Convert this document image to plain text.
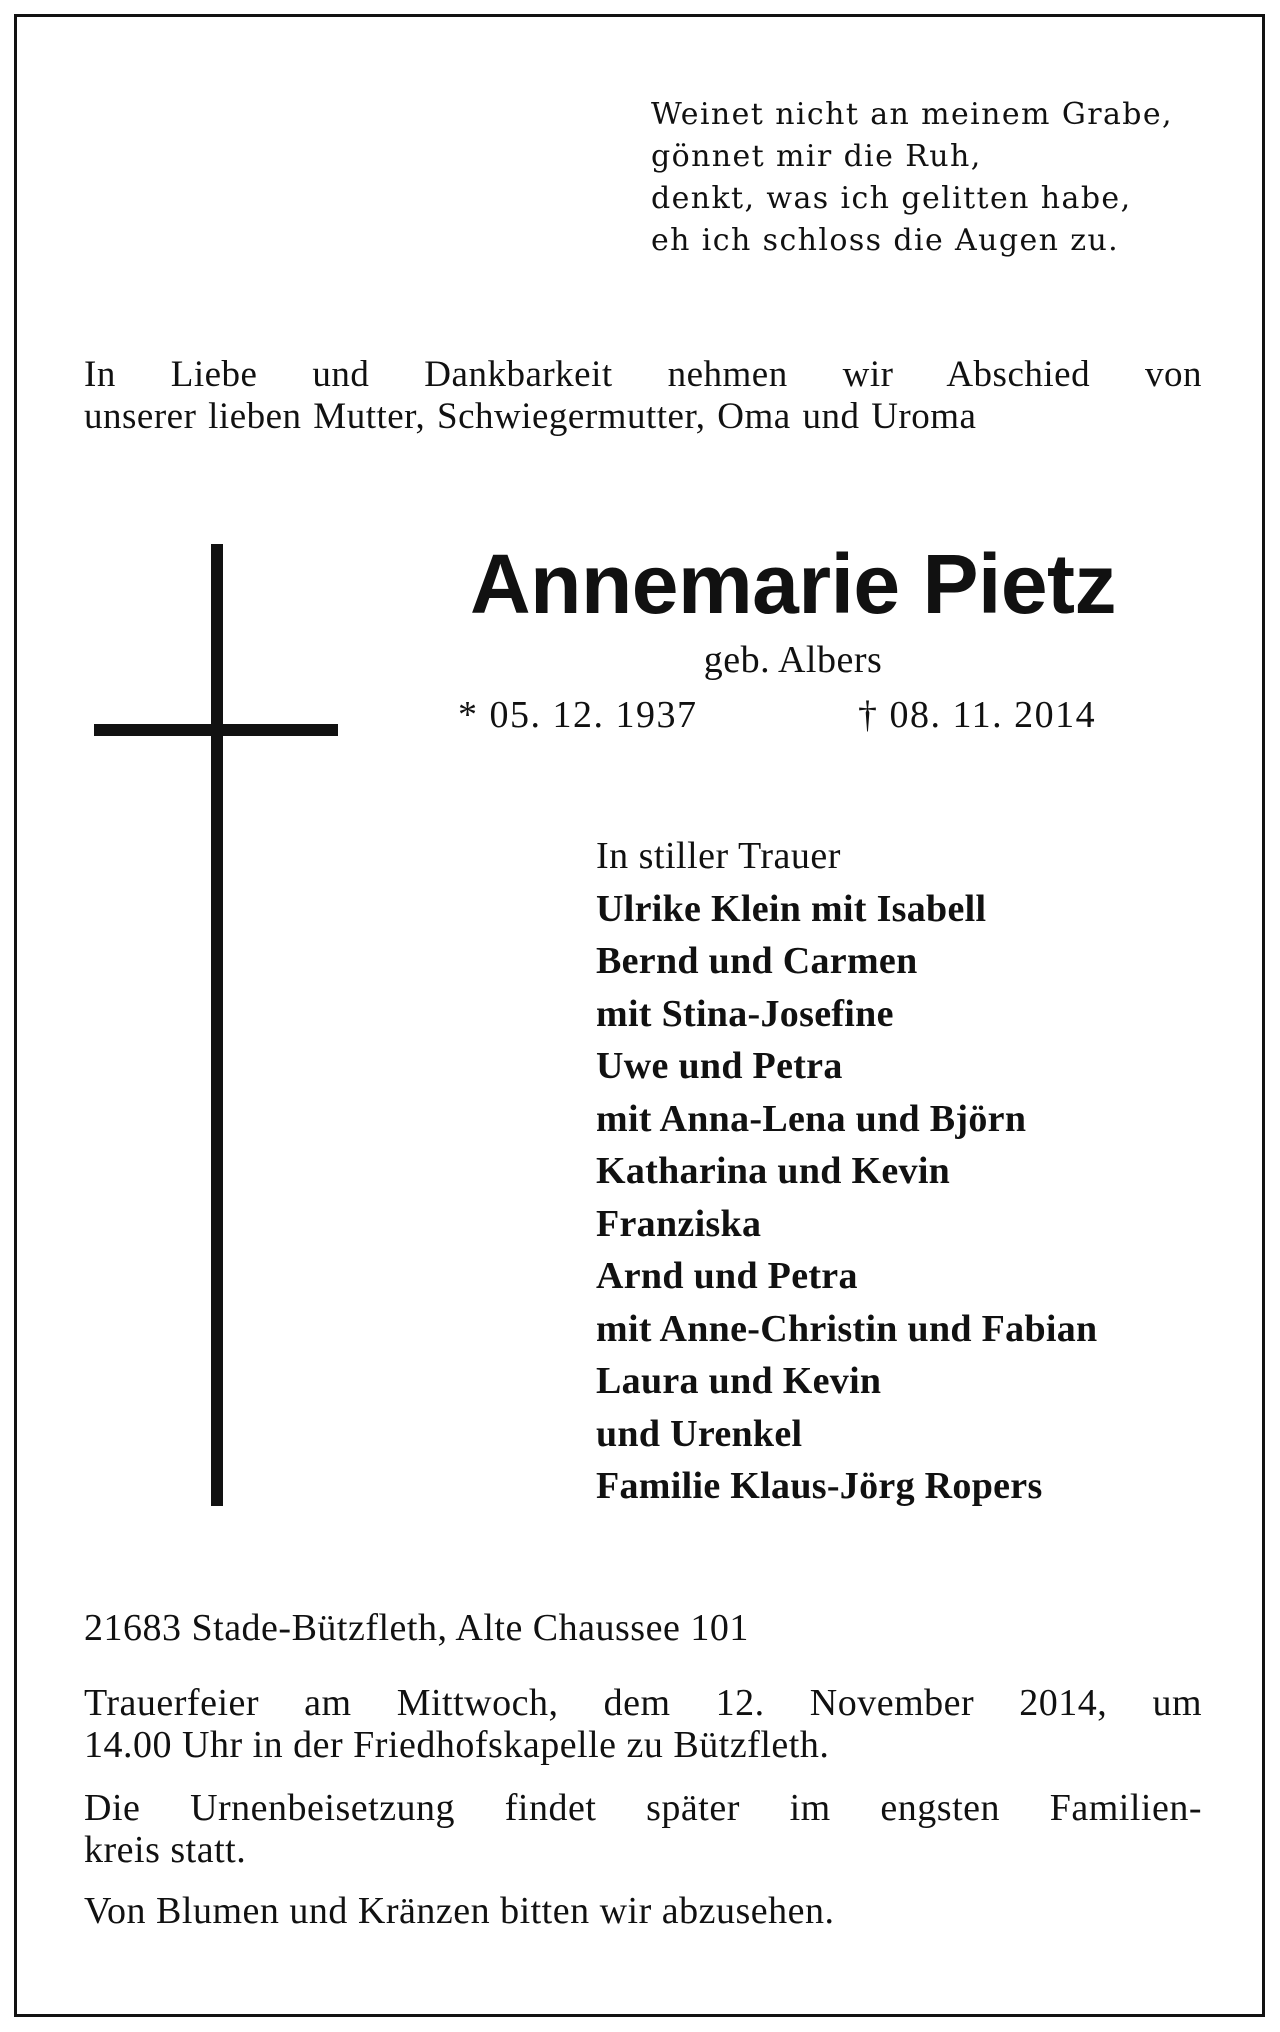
Weinet nicht an meinem Grabe,
gönnet mir die Ruh,
denkt, was ich gelitten habe,
eh ich schloss die Augen zu.
In Liebe und Dankbarkeit nehmen wir Abschied von
unserer lieben Mutter, Schwiegermutter, Oma und Uroma
Annemarie Pietz
geb. Albers
* 05. 12. 1937	† 08. 11. 2014
In stiller Trauer
Ulrike Klein mit Isabell
Bernd und Carmen
mit Stina-Josefine
Uwe und Petra
mit Anna-Lena und Björn
Katharina und Kevin
Franziska
Arnd und Petra
mit Anne-Christin und Fabian
Laura und Kevin
und Urenkel
Familie Klaus-Jörg Ropers
21683 Stade-Bützfleth, Alte Chaussee 101
Trauerfeier am Mittwoch, dem 12. November 2014, um
14.00 Uhr in der Friedhofskapelle zu Bützfleth.
Die Urnenbeisetzung findet später im engsten Familien-
kreis statt.
Von Blumen und Kränzen bitten wir abzusehen.
